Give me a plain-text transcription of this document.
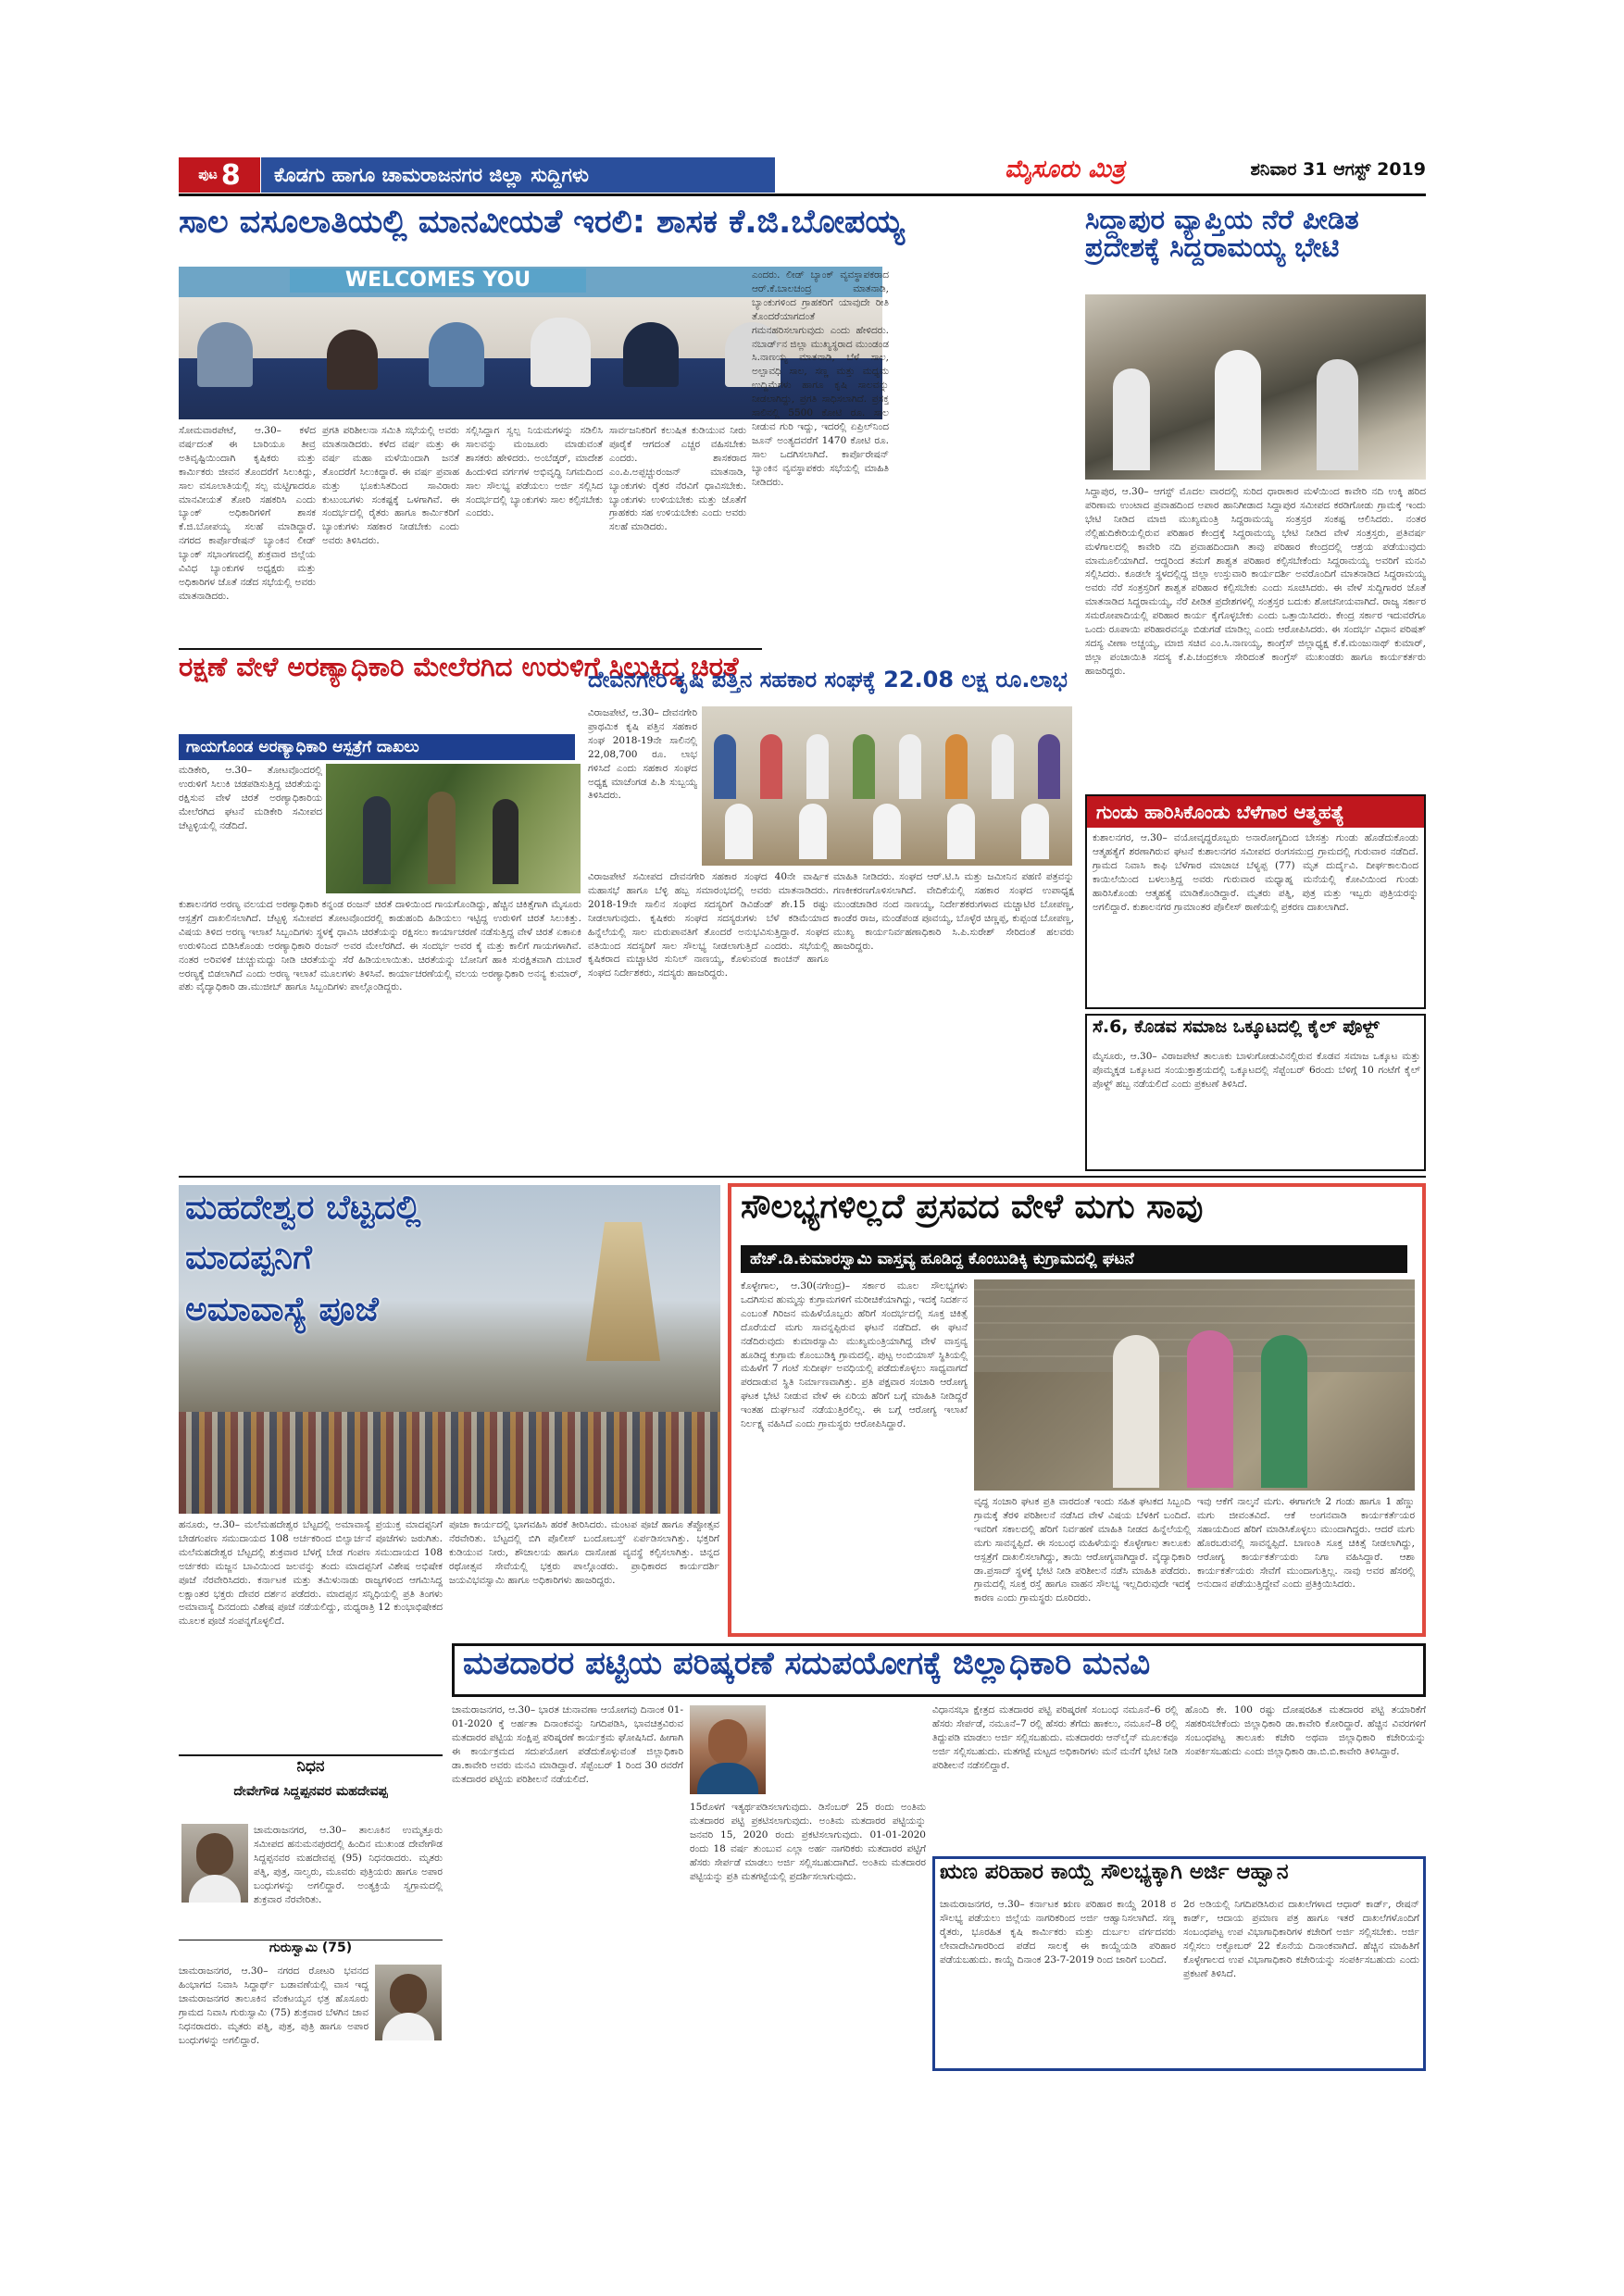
ಪುಟ 8	ಕೊಡಗು ಹಾಗೂ ಚಾಮರಾಜನಗರ ಜಿಲ್ಲಾ ಸುದ್ದಿಗಳು	ಮೈಸೂರು ಮಿತ್ರ	ಶನಿವಾರ 31 ಆಗಸ್ಟ್ 2019
ಸಾಲ ವಸೂಲಾತಿಯಲ್ಲಿ ಮಾನವೀಯತೆ ಇರಲಿ: ಶಾಸಕ ಕೆ.ಜಿ.ಬೋಪಯ್ಯ
WELCOMES YOU
ಸೋಮವಾರಪೇಟೆ, ಆ.30– ಕಳೆದ ವರ್ಷದಂತೆ ಈ ಬಾರಿಯೂ ತೀವ್ರ ಅತಿವೃಷ್ಟಿಯಿಂದಾಗಿ ಕೃಷಿಕರು ಮತ್ತು ಕಾರ್ಮಿಕರು ಜೀವನ ತೊಂದರೆಗೆ ಸಿಲುಕಿದ್ದು, ಸಾಲ ವಸೂಲಾತಿಯಲ್ಲಿ ಸಲ್ಪ ಮಟ್ಟಿಗಾದರೂ ಮಾನವೀಯತೆ ತೋರಿ ಸಹಕರಿಸಿ ಎಂದು ಬ್ಯಾಂಕ್ ಅಧಿಕಾರಿಗಳಿಗೆ ಶಾಸಕ ಕೆ.ಜಿ.ಬೋಪಯ್ಯ ಸಲಹೆ ಮಾಡಿದ್ದಾರೆ. ನಗರದ ಕಾರ್ಪೊರೇಷನ್ ಬ್ಯಾಂಕಿನ ಲೀಡ್ ಬ್ಯಾಂಕ್ ಸಭಾಂಗಣದಲ್ಲಿ ಶುಕ್ರವಾರ ಜಿಲ್ಲೆಯ ವಿವಿಧ ಬ್ಯಾಂಕುಗಳ ಅಧ್ಯಕ್ಷರು ಮತ್ತು ಅಧಿಕಾರಿಗಳ ಜೊತೆ ನಡೆದ ಸಭೆಯಲ್ಲಿ ಅವರು ಮಾತನಾಡಿದರು.
ಪ್ರಗತಿ ಪರಿಶೀಲನಾ ಸಮಿತಿ ಸಭೆಯಲ್ಲಿ ಅವರು ಮಾತನಾಡಿದರು. ಕಳೆದ ವರ್ಷ ಮತ್ತು ಈ ವರ್ಷ ಮಹಾ ಮಳೆಯಿಂದಾಗಿ ಜನತೆ ತೊಂದರೆಗೆ ಸಿಲುಕಿದ್ದಾರೆ. ಈ ವರ್ಷ ಪ್ರವಾಹ ಮತ್ತು ಭೂಕುಸಿತದಿಂದ ಸಾವಿರಾರು ಕುಟುಂಬಗಳು ಸಂಕಷ್ಟಕ್ಕೆ ಒಳಗಾಗಿವೆ. ಈ ಸಂದರ್ಭದಲ್ಲಿ ರೈತರು ಹಾಗೂ ಕಾರ್ಮಿಕರಿಗೆ ಬ್ಯಾಂಕುಗಳು ಸಹಕಾರ ನೀಡಬೇಕು ಎಂದು ಅವರು ತಿಳಿಸಿದರು.
ಸಲ್ಲಿಸಿದ್ದಾಗ ಸ್ವಲ್ಪ ನಿಯಮಗಳನ್ನು ಸಡಿಲಿಸಿ ಸಾಲವನ್ನು ಮಂಜೂರು ಮಾಡುವಂತೆ ಶಾಸಕರು ಹೇಳಿದರು. ಅಂಬೆಡ್ಕರ್, ಮಾದೇಶ ಹಿಂದುಳಿದ ವರ್ಗಗಳ ಅಭಿವೃದ್ಧಿ ನಿಗಮದಿಂದ ಸಾಲ ಸೌಲಭ್ಯ ಪಡೆಯಲು ಅರ್ಜಿ ಸಲ್ಲಿಸಿದ ಸಂದರ್ಭದಲ್ಲಿ ಬ್ಯಾಂಕುಗಳು ಸಾಲ ಕಲ್ಪಿಸಬೇಕು ಎಂದರು.
ಸಾರ್ವಜನಿಕರಿಗೆ ಕಲುಷಿತ ಕುಡಿಯುವ ನೀರು ಪೂರೈಕೆ ಆಗದಂತೆ ಎಚ್ಚರ ವಹಿಸಬೇಕು ಎಂದರು. ಶಾಸಕರಾದ ಎಂ.ಪಿ.ಅಪ್ಪಚ್ಚುರಂಜನ್ ಮಾತನಾಡಿ, ಬ್ಯಾಂಕುಗಳು ರೈತರ ನೆರವಿಗೆ ಧಾವಿಸಬೇಕು. ಬ್ಯಾಂಕುಗಳು ಉಳಿಯಬೇಕು ಮತ್ತು ಜೊತೆಗೆ ಗ್ರಾಹಕರು ಸಹ ಉಳಿಯಬೇಕು ಎಂದು ಅವರು ಸಲಹೆ ಮಾಡಿದರು.
ಎಂದರು. ಲೀಡ್ ಬ್ಯಾಂಕ್ ವ್ಯವಸ್ಥಾಪಕರಾದ ಆರ್.ಕೆ.ಬಾಲಚಂದ್ರ ಮಾತನಾಡಿ, ಬ್ಯಾಂಕುಗಳಿಂದ ಗ್ರಾಹಕರಿಗೆ ಯಾವುದೇ ರೀತಿ ತೊಂದರೆಯಾಗದಂತೆ ಗಮನಹರಿಸಲಾಗುವುದು ಎಂದು ಹೇಳಿದರು. ನಬಾರ್ಡ್‍ನ ಜಿಲ್ಲಾ ಮುಖ್ಯಸ್ಥರಾದ ಮುಂಡಂಡ ಸಿ.ನಾಣಯ್ಯ ಮಾತನಾಡಿ, ಬೆಳೆ ಸಾಲ, ಅಲ್ಪಾವಧಿ ಸಾಲ, ಸಣ್ಣ ಮತ್ತು ಮಧ್ಯಮ ಉದ್ದಿಮೆಗಳು ಹಾಗೂ ಕೃಷಿ ಸಾಲವನ್ನು ನೀಡಲಾಗಿದ್ದು, ಪ್ರಗತಿ ಸಾಧಿಸಲಾಗಿದೆ. ಪ್ರಸಕ್ತ ಸಾಲಿನಲ್ಲಿ 5500 ಕೋಟಿ ರೂ. ಸಾಲ ನೀಡುವ ಗುರಿ ಇದ್ದು, ಇದರಲ್ಲಿ ಏಪ್ರಿಲ್‍ನಿಂದ ಜೂನ್ ಅಂತ್ಯದವರೆಗೆ 1470 ಕೋಟಿ ರೂ. ಸಾಲ ಒದಗಿಸಲಾಗಿದೆ. ಕಾರ್ಪೊರೇಷನ್ ಬ್ಯಾಂಕಿನ ವ್ಯವಸ್ಥಾಪಕರು ಸಭೆಯಲ್ಲಿ ಮಾಹಿತಿ ನೀಡಿದರು.
ಸಿದ್ದಾಪುರ ವ್ಯಾಪ್ತಿಯ ನೆರೆ ಪೀಡಿತ ಪ್ರದೇಶಕ್ಕೆ ಸಿದ್ದರಾಮಯ್ಯ ಭೇಟಿ
ಸಿದ್ದಾಪುರ, ಆ.30– ಆಗಸ್ಟ್ ಮೊದಲ ವಾರದಲ್ಲಿ ಸುರಿದ ಧಾರಾಕಾರ ಮಳೆಯಿಂದ ಕಾವೇರಿ ನದಿ ಉಕ್ಕಿ ಹರಿದ ಪರಿಣಾಮ ಉಂಟಾದ ಪ್ರವಾಹದಿಂದ ಅಪಾರ ಹಾನಿಗೀಡಾದ ಸಿದ್ದಾಪುರ ಸಮೀಪದ ಕರಡಿಗೋಡು ಗ್ರಾಮಕ್ಕೆ ಇಂದು ಭೇಟಿ ನೀಡಿದ ಮಾಜಿ ಮುಖ್ಯಮಂತ್ರಿ ಸಿದ್ದರಾಮಯ್ಯ ಸಂತ್ರಸ್ತರ ಸಂಕಷ್ಟ ಆಲಿಸಿದರು. ನಂತರ ನೆಲ್ಲಿಹುದಿಕೇರಿಯಲ್ಲಿರುವ ಪರಿಹಾರ ಕೇಂದ್ರಕ್ಕೆ ಸಿದ್ದರಾಮಯ್ಯ ಭೇಟಿ ನೀಡಿದ ವೇಳೆ ಸಂತ್ರಸ್ತರು, ಪ್ರತಿವರ್ಷ ಮಳೆಗಾಲದಲ್ಲಿ ಕಾವೇರಿ ನದಿ ಪ್ರವಾಹದಿಂದಾಗಿ ತಾವು ಪರಿಹಾರ ಕೇಂದ್ರದಲ್ಲಿ ಆಶ್ರಯ ಪಡೆಯುವುದು ಮಾಮೂಲಿಯಾಗಿದೆ. ಆದ್ದರಿಂದ ತಮಗೆ ಶಾಶ್ವತ ಪರಿಹಾರ ಕಲ್ಪಿಸಬೇಕೆಂದು ಸಿದ್ದರಾಮಯ್ಯ ಅವರಿಗೆ ಮನವಿ ಸಲ್ಲಿಸಿದರು. ಕೂಡಲೇ ಸ್ಥಳದಲ್ಲಿದ್ದ ಜಿಲ್ಲಾ ಉಸ್ತುವಾರಿ ಕಾರ್ಯದರ್ಶಿ ಅವರೊಂದಿಗೆ ಮಾತನಾಡಿದ ಸಿದ್ದರಾಮಯ್ಯ ಅವರು ನೆರೆ ಸಂತ್ರಸ್ತರಿಗೆ ಶಾಶ್ವತ ಪರಿಹಾರ ಕಲ್ಪಿಸಬೇಕು ಎಂದು ಸೂಚಿಸಿದರು. ಈ ವೇಳೆ ಸುದ್ದಿಗಾರರ ಜೊತೆ ಮಾತನಾಡಿದ ಸಿದ್ದರಾಮಯ್ಯ, ನೆರೆ ಪೀಡಿತ ಪ್ರದೇಶಗಳಲ್ಲಿ ಸಂತ್ರಸ್ತರ ಬದುಕು ಶೋಚನೀಯವಾಗಿದೆ. ರಾಜ್ಯ ಸರ್ಕಾರ ಸಮರೋಪಾದಿಯಲ್ಲಿ ಪರಿಹಾರ ಕಾರ್ಯ ಕೈಗೊಳ್ಳಬೇಕು ಎಂದು ಒತ್ತಾಯಿಸಿದರು. ಕೇಂದ್ರ ಸರ್ಕಾರ ಇದುವರೆಗೂ ಒಂದು ರೂಪಾಯಿ ಪರಿಹಾರವನ್ನೂ ಬಿಡುಗಡೆ ಮಾಡಿಲ್ಲ ಎಂದು ಆರೋಪಿಸಿದರು. ಈ ಸಂದರ್ಭ ವಿಧಾನ ಪರಿಷತ್ ಸದಸ್ಯ ವೀಣಾ ಅಚ್ಚಯ್ಯ, ಮಾಜಿ ಸಚಿವ ಎಂ.ಸಿ.ನಾಣಯ್ಯ, ಕಾಂಗ್ರೆಸ್ ಜಿಲ್ಲಾಧ್ಯಕ್ಷ ಕೆ.ಕೆ.ಮಂಜುನಾಥ್ ಕುಮಾರ್, ಜಿಲ್ಲಾ ಪಂಚಾಯಿತಿ ಸದಸ್ಯ ಕೆ.ಪಿ.ಚಂದ್ರಕಲಾ ಸೇರಿದಂತೆ ಕಾಂಗ್ರೆಸ್ ಮುಖಂಡರು ಹಾಗೂ ಕಾರ್ಯಕರ್ತರು ಹಾಜರಿದ್ದರು.
ರಕ್ಷಣೆ ವೇಳೆ ಅರಣ್ಯಾಧಿಕಾರಿ ಮೇಲೆರಗಿದ ಉರುಳಿಗೆ ಸಿಲುಕಿದ್ದ ಚಿರತೆ
ಗಾಯಗೊಂಡ ಅರಣ್ಯಾಧಿಕಾರಿ ಆಸ್ಪತ್ರೆಗೆ ದಾಖಲು
ಮಡಿಕೇರಿ, ಆ.30– ತೋಟವೊಂದರಲ್ಲಿ ಉರುಳಿಗೆ ಸಿಲುಕಿ ಚಡಪಡಿಸುತ್ತಿದ್ದ ಚಿರತೆಯನ್ನು ರಕ್ಷಿಸುವ ವೇಳೆ ಚಿರತೆ ಅರಣ್ಯಾಧಿಕಾರಿಯ ಮೇಲೆರಗಿದ ಘಟನೆ ಮಡಿಕೇರಿ ಸಮೀಪದ ಚೆಟ್ಟಳ್ಳಿಯಲ್ಲಿ ನಡೆದಿದೆ.
ಕುಶಾಲನಗರ ಅರಣ್ಯ ವಲಯದ ಅರಣ್ಯಾಧಿಕಾರಿ ಕನ್ನಂಡ ರಂಜನ್ ಚಿರತೆ ದಾಳಿಯಿಂದ ಗಾಯಗೊಂಡಿದ್ದು, ಹೆಚ್ಚಿನ ಚಿಕಿತ್ಸೆಗಾಗಿ ಮೈಸೂರು ಆಸ್ಪತ್ರೆಗೆ ದಾಖಲಿಸಲಾಗಿದೆ. ಚೆಟ್ಟಳ್ಳಿ ಸಮೀಪದ ತೋಟವೊಂದರಲ್ಲಿ ಕಾಡುಹಂದಿ ಹಿಡಿಯಲು ಇಟ್ಟಿದ್ದ ಉರುಳಿಗೆ ಚಿರತೆ ಸಿಲುಕಿತ್ತು. ವಿಷಯ ತಿಳಿದ ಅರಣ್ಯ ಇಲಾಖೆ ಸಿಬ್ಬಂದಿಗಳು ಸ್ಥಳಕ್ಕೆ ಧಾವಿಸಿ ಚಿರತೆಯನ್ನು ರಕ್ಷಿಸಲು ಕಾರ್ಯಾಚರಣೆ ನಡೆಸುತ್ತಿದ್ದ ವೇಳೆ ಚಿರತೆ ಏಕಾಏಕಿ ಉರುಳಿನಿಂದ ಬಿಡಿಸಿಕೊಂಡು ಅರಣ್ಯಾಧಿಕಾರಿ ರಂಜನ್ ಅವರ ಮೇಲೆರಗಿದೆ. ಈ ಸಂದರ್ಭ ಅವರ ಕೈ ಮತ್ತು ಕಾಲಿಗೆ ಗಾಯಗಳಾಗಿವೆ. ನಂತರ ಅರಿವಳಿಕೆ ಚುಚ್ಚುಮದ್ದು ನೀಡಿ ಚಿರತೆಯನ್ನು ಸೆರೆ ಹಿಡಿಯಲಾಯಿತು. ಚಿರತೆಯನ್ನು ಬೋನಿಗೆ ಹಾಕಿ ಸುರಕ್ಷಿತವಾಗಿ ದುಬಾರೆ ಅರಣ್ಯಕ್ಕೆ ಬಿಡಲಾಗಿದೆ ಎಂದು ಅರಣ್ಯ ಇಲಾಖೆ ಮೂಲಗಳು ತಿಳಿಸಿವೆ. ಕಾರ್ಯಾಚರಣೆಯಲ್ಲಿ ವಲಯ ಅರಣ್ಯಾಧಿಕಾರಿ ಅನನ್ಯ ಕುಮಾರ್, ಪಶು ವೈದ್ಯಾಧಿಕಾರಿ ಡಾ.ಮುಜೀಬ್ ಹಾಗೂ ಸಿಬ್ಬಂದಿಗಳು ಪಾಲ್ಗೊಂಡಿದ್ದರು.
ದೇವನಗೇರಿ ಕೃಷಿ ಪತ್ತಿನ ಸಹಕಾರ ಸಂಘಕ್ಕೆ 22.08 ಲಕ್ಷ ರೂ.ಲಾಭ
ವಿರಾಜಪೇಟೆ, ಆ.30– ದೇವನಗೇರಿ ಪ್ರಾಥಮಿಕ ಕೃಷಿ ಪತ್ತಿನ ಸಹಕಾರ ಸಂಘ 2018-19ನೇ ಸಾಲಿನಲ್ಲಿ 22,08,700 ರೂ. ಲಾಭ ಗಳಿಸಿದೆ ಎಂದು ಸಹಕಾರ ಸಂಘದ ಅಧ್ಯಕ್ಷ ಮಾಚೆಂಗಡ ಪಿ.ಶಿ ಸುಬ್ಬಯ್ಯ ತಿಳಿಸಿದರು.
ವಿರಾಜಪೇಟೆ ಸಮೀಪದ ದೇವನಗೇರಿ ಸಹಕಾರ ಸಂಘದ 40ನೇ ವಾರ್ಷಿಕ ಮಹಾಸಭೆ ಹಾಗೂ ಬೆಳ್ಳಿ ಹಬ್ಬ ಸಮಾರಂಭದಲ್ಲಿ ಅವರು ಮಾತನಾಡಿದರು. 2018-19ನೇ ಸಾಲಿನ ಸಂಘದ ಸದಸ್ಯರಿಗೆ ಡಿವಿಡೆಂಡ್ ಶೇ.15 ರಷ್ಟು ನೀಡಲಾಗುವುದು. ಕೃಷಿಕರು ಸಂಘದ ಸದಸ್ಯರುಗಳು ಬೆಳೆ ಕಡಿಮೆಯಾದ ಹಿನ್ನೆಲೆಯಲ್ಲಿ ಸಾಲ ಮರುಪಾವತಿಗೆ ತೊಂದರೆ ಅನುಭವಿಸುತ್ತಿದ್ದಾರೆ. ಸಂಘದ ವತಿಯಿಂದ ಸದಸ್ಯರಿಗೆ ಸಾಲ ಸೌಲಭ್ಯ ನೀಡಲಾಗುತ್ತಿದೆ ಎಂದರು. ಸಭೆಯಲ್ಲಿ ಕೃಷಿಕರಾದ ಮಚ್ಚಾಟಿರ ಸುನಿಲ್ ನಾಣಯ್ಯ, ಕೊಳುವಂಡ ಕಾಂಚನ್ ಹಾಗೂ ಸಂಘದ ನಿರ್ದೇಶಕರು, ಸದಸ್ಯರು ಹಾಜರಿದ್ದರು.
ಮಾಹಿತಿ ನೀಡಿದರು. ಸಂಘದ ಆರ್.ಟಿ.ಸಿ ಮತ್ತು ಜಮೀನಿನ ಪಹಣಿ ಪತ್ರವನ್ನು ಗಣಕೀಕರಣಗೊಳಿಸಲಾಗಿದೆ. ವೇದಿಕೆಯಲ್ಲಿ ಸಹಕಾರ ಸಂಘದ ಉಪಾಧ್ಯಕ್ಷ ಮುಂಡಚಾಡಿರ ನಂದ ನಾಣಯ್ಯ, ನಿರ್ದೇಶಕರುಗಳಾದ ಮಚ್ಚಾಟಿರ ಬೋಪಣ್ಣ, ಕಾಂಡೆರ ರಾಜ, ಮಂಡೆಪಂಡ ಪೂವಯ್ಯ, ಬೊಳ್ಳೆರ ಚಿಣ್ಣಪ್ಪ, ಕುಪ್ಪಂಡ ಬೋಪಣ್ಣ, ಮುಖ್ಯ ಕಾರ್ಯನಿರ್ವಹಣಾಧಿಕಾರಿ ಸಿ.ಪಿ.ಸುರೇಶ್ ಸೇರಿದಂತೆ ಹಲವರು ಹಾಜರಿದ್ದರು.
ಗುಂಡು ಹಾರಿಸಿಕೊಂಡು ಬೆಳೆಗಾರ ಆತ್ಮಹತ್ಯೆ
ಕುಶಾಲನಗರ, ಆ.30– ವಯೋವೃದ್ಧರೊಬ್ಬರು ಅನಾರೋಗ್ಯದಿಂದ ಬೇಸತ್ತು ಗುಂಡು ಹೊಡೆದುಕೊಂಡು ಆತ್ಮಹತ್ಯೆಗೆ ಶರಣಾಗಿರುವ ಘಟನೆ ಕುಶಾಲನಗರ ಸಮೀಪದ ರಂಗಸಮುದ್ರ ಗ್ರಾಮದಲ್ಲಿ ಗುರುವಾರ ನಡೆದಿದೆ. ಗ್ರಾಮದ ನಿವಾಸಿ ಕಾಫಿ ಬೆಳೆಗಾರ ಮಾಚಾಚ ಬೆಳ್ಯಪ್ಪ (77) ಮೃತ ದುರ್ದೈವಿ. ದೀರ್ಘಕಾಲದಿಂದ ಕಾಯಿಲೆಯಿಂದ ಬಳಲುತ್ತಿದ್ದ ಅವರು ಗುರುವಾರ ಮಧ್ಯಾಹ್ನ ಮನೆಯಲ್ಲಿ ಕೋವಿಯಿಂದ ಗುಂಡು ಹಾರಿಸಿಕೊಂಡು ಆತ್ಮಹತ್ಯೆ ಮಾಡಿಕೊಂಡಿದ್ದಾರೆ. ಮೃತರು ಪತ್ನಿ, ಪುತ್ರ ಮತ್ತು ಇಬ್ಬರು ಪುತ್ರಿಯರನ್ನು ಅಗಲಿದ್ದಾರೆ. ಕುಶಾಲನಗರ ಗ್ರಾಮಾಂತರ ಪೊಲೀಸ್ ಠಾಣೆಯಲ್ಲಿ ಪ್ರಕರಣ ದಾಖಲಾಗಿದೆ.
ಸೆ.6, ಕೊಡವ ಸಮಾಜ ಒಕ್ಕೂಟದಲ್ಲಿ ಕೈಲ್ ಪೊಳ್ದ್
ಮೈಸೂರು, ಆ.30– ವಿರಾಜಪೇಟೆ ತಾಲೂಕು ಬಾಳುಗೋಡುವಿನಲ್ಲಿರುವ ಕೊಡವ ಸಮಾಜ ಒಕ್ಕೂಟ ಮತ್ತು ಪೊಮ್ಮಕ್ಕಡ ಒಕ್ಕೂಟದ ಸಂಯುಕ್ತಾಶ್ರಯದಲ್ಲಿ ಒಕ್ಕೂಟದಲ್ಲಿ ಸೆಪ್ಟೆಂಬರ್ 6ರಂದು ಬೆಳಿಗ್ಗೆ 10 ಗಂಟೆಗೆ ಕೈಲ್ ಪೊಳ್ದ್ ಹಬ್ಬ ನಡೆಯಲಿದೆ ಎಂದು ಪ್ರಕಟಣೆ ತಿಳಿಸಿದೆ.
ಮಹದೇಶ್ವರ ಬೆಟ್ಟದಲ್ಲಿ
ಮಾದಪ್ಪನಿಗೆ
ಅಮಾವಾಸ್ಯೆ ಪೂಜೆ
ಹನೂರು, ಆ.30– ಮಲೆಮಹದೇಶ್ವರ ಬೆಟ್ಟದಲ್ಲಿ ಅಮಾವಾಸ್ಯೆ ಪ್ರಯುಕ್ತ ಮಾದಪ್ಪನಿಗೆ ಬೇಡಗಂಪಣ ಸಮುದಾಯದ 108 ಅರ್ಚಕರಿಂದ ಬಿಲ್ವಾರ್ಚನೆ ಪೂಜೆಗಳು ಜರುಗಿತು. ಮಲೆಮಹದೇಶ್ವರ ಬೆಟ್ಟದಲ್ಲಿ ಶುಕ್ರವಾರ ಬೆಳಗ್ಗೆ ಬೇಡ ಗಂಪಣ ಸಮುದಾಯದ 108 ಅರ್ಚಕರು ಮಜ್ಜನ ಬಾವಿಯಿಂದ ಜಲವನ್ನು ತಂದು ಮಾದಪ್ಪನಿಗೆ ವಿಶೇಷ ಅಭಿಷೇಕ ಪೂಜೆ ನೆರವೇರಿಸಿದರು. ಕರ್ನಾಟಕ ಮತ್ತು ತಮಿಳುನಾಡು ರಾಜ್ಯಗಳಿಂದ ಆಗಮಿಸಿದ್ದ ಲಕ್ಷಾಂತರ ಭಕ್ತರು ದೇವರ ದರ್ಶನ ಪಡೆದರು. ಮಾದಪ್ಪನ ಸನ್ನಿಧಿಯಲ್ಲಿ ಪ್ರತಿ ತಿಂಗಳು ಅಮಾವಾಸ್ಯೆ ದಿನದಂದು ವಿಶೇಷ ಪೂಜೆ ನಡೆಯಲಿದ್ದು, ಮಧ್ಯರಾತ್ರಿ 12 ಕುಂಭಾಭಿಷೇಕದ ಮೂಲಕ ಪೂಜೆ ಸಂಪನ್ನಗೊಳ್ಳಲಿದೆ.
ಪೂಜಾ ಕಾರ್ಯದಲ್ಲಿ ಭಾಗವಹಿಸಿ ಹರಕೆ ತೀರಿಸಿದರು. ಮಂಟಪ ಪೂಜೆ ಹಾಗೂ ತೆಪ್ಪೋತ್ಸವ ನೆರವೇರಿತು. ಬೆಟ್ಟದಲ್ಲಿ ಬಿಗಿ ಪೊಲೀಸ್ ಬಂದೋಬಸ್ತ್ ಏರ್ಪಡಿಸಲಾಗಿತ್ತು. ಭಕ್ತರಿಗೆ ಕುಡಿಯುವ ನೀರು, ಶೌಚಾಲಯ ಹಾಗೂ ದಾಸೋಹ ವ್ಯವಸ್ಥೆ ಕಲ್ಪಿಸಲಾಗಿತ್ತು. ಚಿನ್ನದ ರಥೋತ್ಸವ ಸೇವೆಯಲ್ಲಿ ಭಕ್ತರು ಪಾಲ್ಗೊಂಡರು. ಪ್ರಾಧಿಕಾರದ ಕಾರ್ಯದರ್ಶಿ ಜಯವಿಭವಸ್ವಾಮಿ ಹಾಗೂ ಅಧಿಕಾರಿಗಳು ಹಾಜರಿದ್ದರು.
ಸೌಲಭ್ಯಗಳಿಲ್ಲದೆ ಪ್ರಸವದ ವೇಳೆ ಮಗು ಸಾವು
ಹೆಚ್.ಡಿ.ಕುಮಾರಸ್ವಾಮಿ ವಾಸ್ತವ್ಯ ಹೂಡಿದ್ದ ಕೊಂಬುಡಿಕ್ಕಿ ಕುಗ್ರಾಮದಲ್ಲಿ ಘಟನೆ
ಕೊಳ್ಳೇಗಾಲ, ಆ.30(ನಗೇಂದ್ರ)– ಸರ್ಕಾರ ಮೂಲ ಸೌಲಭ್ಯಗಳು ಒದಗಿಸುವ ಹುಮ್ಮಸ್ಸು ಕುಗ್ರಾಮಗಳಿಗೆ ಮರೀಚಿಕೆಯಾಗಿದ್ದು, ಇದಕ್ಕೆ ನಿದರ್ಶನ ಎಂಬಂತೆ ಗಿರಿಜನ ಮಹಿಳೆಯೊಬ್ಬರು ಹೆರಿಗೆ ಸಂದರ್ಭದಲ್ಲಿ ಸೂಕ್ತ ಚಿಕಿತ್ಸೆ ದೊರೆಯದೆ ಮಗು ಸಾವನ್ನಪ್ಪಿರುವ ಘಟನೆ ನಡೆದಿದೆ. ಈ ಘಟನೆ ನಡೆದಿರುವುದು ಕುಮಾರಸ್ವಾಮಿ ಮುಖ್ಯಮಂತ್ರಿಯಾಗಿದ್ದ ವೇಳೆ ವಾಸ್ತವ್ಯ ಹೂಡಿದ್ದ ಕುಗ್ರಾಮ ಕೊಂಬುಡಿಕ್ಕಿ ಗ್ರಾಮದಲ್ಲಿ. ಪುಟ್ಟ ಅಂಬಿಯಾಸ್ ಸ್ಥಿತಿಯಲ್ಲಿ ಮಹಿಳೆಗೆ 7 ಗಂಟೆ ಸುದೀರ್ಘ ಅವಧಿಯಲ್ಲಿ ಪಡೆದುಕೊಳ್ಳಲು ಸಾಧ್ಯವಾಗದೆ ಪರದಾಡುವ ಸ್ಥಿತಿ ನಿರ್ಮಾಣವಾಗಿತ್ತು. ಪ್ರತಿ ಪಕ್ಷವಾರ ಸಂಚಾರಿ ಆರೋಗ್ಯ ಘಟಕ ಭೇಟಿ ನೀಡುವ ವೇಳೆ ಈ ಏರಿಯ ಹೆರಿಗೆ ಬಗ್ಗೆ ಮಾಹಿತಿ ನೀಡಿದ್ದರೆ ಇಂತಹ ದುರ್ಘಟನೆ ನಡೆಯುತ್ತಿರಲಿಲ್ಲ. ಈ ಬಗ್ಗೆ ಆರೋಗ್ಯ ಇಲಾಖೆ ನಿರ್ಲಕ್ಷ್ಯ ವಹಿಸಿದೆ ಎಂದು ಗ್ರಾಮಸ್ಥರು ಆರೋಪಿಸಿದ್ದಾರೆ.
ವೃದ್ಧ ಸಂಚಾರಿ ಘಟಕ ಪ್ರತಿ ವಾರದಂತೆ ಇಂದು ಸಹಿತ ಘಟಕದ ಸಿಬ್ಬಂದಿ ಗ್ರಾಮಕ್ಕೆ ತೆರಳಿ ಪರಿಶೀಲನೆ ನಡೆಸಿದ ವೇಳೆ ವಿಷಯ ಬೆಳಕಿಗೆ ಬಂದಿದೆ. ಇವರಿಗೆ ಸಕಾಲದಲ್ಲಿ ಹೆರಿಗೆ ನಿರ್ವಹಣೆ ಮಾಹಿತಿ ನೀಡದ ಹಿನ್ನೆಲೆಯಲ್ಲಿ ಮಗು ಸಾವನ್ನಪ್ಪಿದೆ. ಈ ಸಂಬಂಧ ಮಹಿಳೆಯನ್ನು ಕೊಳ್ಳೇಗಾಲ ತಾಲೂಕು ಆಸ್ಪತ್ರೆಗೆ ದಾಖಲಿಸಲಾಗಿದ್ದು, ತಾಯಿ ಆರೋಗ್ಯವಾಗಿದ್ದಾರೆ. ವೈದ್ಯಾಧಿಕಾರಿ ಡಾ.ಪ್ರಸಾದ್ ಸ್ಥಳಕ್ಕೆ ಭೇಟಿ ನೀಡಿ ಪರಿಶೀಲನೆ ನಡೆಸಿ ಮಾಹಿತಿ ಪಡೆದರು. ಗ್ರಾಮದಲ್ಲಿ ಸೂಕ್ತ ರಸ್ತೆ ಹಾಗೂ ವಾಹನ ಸೌಲಭ್ಯ ಇಲ್ಲದಿರುವುದೇ ಇದಕ್ಕೆ ಕಾರಣ ಎಂದು ಗ್ರಾಮಸ್ಥರು ದೂರಿದರು.
ಇವು ಆಕೆಗೆ ನಾಲ್ಕನೆ ಮಗು. ಈಗಾಗಲೇ 2 ಗಂಡು ಹಾಗೂ 1 ಹೆಣ್ಣು ಮಗು ಜೀವಂತವಿದೆ. ಆಕೆ ಅಂಗನವಾಡಿ ಕಾರ್ಯಕರ್ತೆಯರ ಸಹಾಯದಿಂದ ಹೆರಿಗೆ ಮಾಡಿಸಿಕೊಳ್ಳಲು ಮುಂದಾಗಿದ್ದರು. ಆದರೆ ಮಗು ಹೊರಬರುವಲ್ಲಿ ಸಾವನ್ನಪ್ಪಿದೆ. ಬಾಣಂತಿ ಸೂಕ್ತ ಚಿಕಿತ್ಸೆ ನೀಡಲಾಗಿದ್ದು, ಆರೋಗ್ಯ ಕಾರ್ಯಕರ್ತೆಯರು ನಿಗಾ ವಹಿಸಿದ್ದಾರೆ. ಆಶಾ ಕಾರ್ಯಕರ್ತೆಯರು ಸೇವೆಗೆ ಮುಂದಾಗುತ್ತಿಲ್ಲ. ನಾವು ಅವರ ಹೆಸರಲ್ಲಿ ಅನುದಾನ ಪಡೆಯುತ್ತಿದ್ದೇವೆ ಎಂದು ಪ್ರತಿಕ್ರಿಯಿಸಿದರು.
ಮತದಾರರ ಪಟ್ಟಿಯ ಪರಿಷ್ಕರಣೆ ಸದುಪಯೋಗಕ್ಕೆ ಜಿಲ್ಲಾಧಿಕಾರಿ ಮನವಿ
ಚಾಮರಾಜನಗರ, ಆ.30– ಭಾರತ ಚುನಾವಣಾ ಆಯೋಗವು ದಿನಾಂಕ 01-01-2020 ಕ್ಕೆ ಅರ್ಹತಾ ದಿನಾಂಕವನ್ನು ನಿಗದಿಪಡಿಸಿ, ಭಾವಚಿತ್ರವಿರುವ ಮತದಾರರ ಪಟ್ಟಿಯ ಸಂಕ್ಷಿಪ್ತ ಪರಿಷ್ಕರಣೆ ಕಾರ್ಯಕ್ರಮ ಘೋಷಿಸಿದೆ. ಹೀಗಾಗಿ ಈ ಕಾರ್ಯಕ್ರಮದ ಸದುಪಯೋಗ ಪಡೆದುಕೊಳ್ಳುವಂತೆ ಜಿಲ್ಲಾಧಿಕಾರಿ ಡಾ.ಕಾವೇರಿ ಅವರು ಮನವಿ ಮಾಡಿದ್ದಾರೆ. ಸೆಪ್ಟೆಂಬರ್ 1 ರಿಂದ 30 ರವರೆಗೆ ಮತದಾರರ ಪಟ್ಟಿಯ ಪರಿಶೀಲನೆ ನಡೆಯಲಿದೆ.
15ರೊಳಗೆ ಇತ್ಯರ್ಥಪಡಿಸಲಾಗುವುದು. ಡಿಸೆಂಬರ್ 25 ರಂದು ಅಂತಿಮ ಮತದಾರರ ಪಟ್ಟಿ ಪ್ರಕಟಿಸಲಾಗುವುದು. ಅಂತಿಮ ಮತದಾರರ ಪಟ್ಟಿಯನ್ನು ಜನವರಿ 15, 2020 ರಂದು ಪ್ರಕಟಿಸಲಾಗುವುದು. 01-01-2020 ರಂದು 18 ವರ್ಷ ತುಂಬುವ ಎಲ್ಲಾ ಅರ್ಹ ನಾಗರಿಕರು ಮತದಾರರ ಪಟ್ಟಿಗೆ ಹೆಸರು ಸೇರ್ಪಡೆ ಮಾಡಲು ಅರ್ಜಿ ಸಲ್ಲಿಸಬಹುದಾಗಿದೆ. ಅಂತಿಮ ಮತದಾರರ ಪಟ್ಟಿಯನ್ನು ಪ್ರತಿ ಮತಗಟ್ಟೆಯಲ್ಲಿ ಪ್ರದರ್ಶಿಸಲಾಗುವುದು.
ವಿಧಾನಸಭಾ ಕ್ಷೇತ್ರದ ಮತದಾರರ ಪಟ್ಟಿ ಪರಿಷ್ಕರಣೆ ಸಂಬಂಧ ನಮೂನೆ–6 ರಲ್ಲಿ ಹೆಸರು ಸೇರ್ಪಡೆ, ನಮೂನೆ–7 ರಲ್ಲಿ ಹೆಸರು ತೆಗೆದು ಹಾಕಲು, ನಮೂನೆ–8 ರಲ್ಲಿ ತಿದ್ದುಪಡಿ ಮಾಡಲು ಅರ್ಜಿ ಸಲ್ಲಿಸಬಹುದು. ಮತದಾರರು ಆನ್‍ಲೈನ್ ಮೂಲಕವೂ ಅರ್ಜಿ ಸಲ್ಲಿಸಬಹುದು. ಮತಗಟ್ಟೆ ಮಟ್ಟದ ಅಧಿಕಾರಿಗಳು ಮನೆ ಮನೆಗೆ ಭೇಟಿ ನೀಡಿ ಪರಿಶೀಲನೆ ನಡೆಸಲಿದ್ದಾರೆ.
ಹೊಂದಿ ಕೇ. 100 ರಷ್ಟು ದೋಷರಹಿತ ಮತದಾರರ ಪಟ್ಟಿ ತಯಾರಿಕೆಗೆ ಸಹಕರಿಸಬೇಕೆಂದು ಜಿಲ್ಲಾಧಿಕಾರಿ ಡಾ.ಕಾವೇರಿ ಕೋರಿದ್ದಾರೆ. ಹೆಚ್ಚಿನ ವಿವರಗಳಿಗೆ ಸಂಬಂಧಪಟ್ಟ ತಾಲೂಕು ಕಚೇರಿ ಅಥವಾ ಜಿಲ್ಲಾಧಿಕಾರಿ ಕಚೇರಿಯನ್ನು ಸಂಪರ್ಕಿಸಬಹುದು ಎಂದು ಜಿಲ್ಲಾಧಿಕಾರಿ ಡಾ.ಬಿ.ಬಿ.ಕಾವೇರಿ ತಿಳಿಸಿದ್ದಾರೆ.
ನಿಧನ
ದೇವೇಗೌಡ ಸಿದ್ದಪ್ಪನವರ ಮಹದೇವಪ್ಪ
ಚಾಮರಾಜನಗರ, ಆ.30– ತಾಲೂಕಿನ ಉಮ್ಮತ್ತೂರು ಸಮೀಪದ ಹನುಮನಪುರದಲ್ಲಿ ಹಿಂದಿನ ಮುಖಂಡ ದೇವೇಗೌಡ ಸಿದ್ದಪ್ಪನವರ ಮಹದೇವಪ್ಪ (95) ನಿಧನರಾದರು. ಮೃತರು ಪತ್ನಿ, ಪುತ್ರ, ನಾಲ್ವರು, ಮೂವರು ಪುತ್ರಿಯರು ಹಾಗೂ ಅಪಾರ ಬಂಧುಗಳನ್ನು ಅಗಲಿದ್ದಾರೆ. ಅಂತ್ಯಕ್ರಿಯೆ ಸ್ವಗ್ರಾಮದಲ್ಲಿ ಶುಕ್ರವಾರ ನೆರವೇರಿತು.
ಗುರುಸ್ವಾಮಿ (75)
ಚಾಮರಾಜನಗರ, ಆ.30– ನಗರದ ರೋಟರಿ ಭವನದ ಹಿಂಭಾಗದ ನಿವಾಸಿ ಸಿದ್ದಾರ್ಥ್ ಬಡಾವಣೆಯಲ್ಲಿ ವಾಸ ಇದ್ದ ಚಾಮರಾಜನಗರ ತಾಲೂಕಿನ ವೆಂಕಟಯ್ಯನ ಛತ್ರ ಹೊಸೂರು ಗ್ರಾಮದ ನಿವಾಸಿ ಗುರುಸ್ವಾಮಿ (75) ಶುಕ್ರವಾರ ಬೆಳಗಿನ ಜಾವ ನಿಧನರಾದರು. ಮೃತರು ಪತ್ನಿ, ಪುತ್ರ, ಪುತ್ರಿ ಹಾಗೂ ಅಪಾರ ಬಂಧುಗಳನ್ನು ಅಗಲಿದ್ದಾರೆ.
ಋಣ ಪರಿಹಾರ ಕಾಯ್ದೆ ಸೌಲಭ್ಯಕ್ಕಾಗಿ ಅರ್ಜಿ ಆಹ್ವಾನ
ಚಾಮರಾಜನಗರ, ಆ.30– ಕರ್ನಾಟಕ ಋಣ ಪರಿಹಾರ ಕಾಯ್ದೆ 2018 ರ ಸೌಲಭ್ಯ ಪಡೆಯಲು ಜಿಲ್ಲೆಯ ನಾಗರಿಕರಿಂದ ಅರ್ಜಿ ಆಹ್ವಾನಿಸಲಾಗಿದೆ. ಸಣ್ಣ ರೈತರು, ಭೂರಹಿತ ಕೃಷಿ ಕಾರ್ಮಿಕರು ಮತ್ತು ದುರ್ಬಲ ವರ್ಗದವರು ಲೇವಾದೇವಿಗಾರರಿಂದ ಪಡೆದ ಸಾಲಕ್ಕೆ ಈ ಕಾಯ್ದೆಯಡಿ ಪರಿಹಾರ ಪಡೆಯಬಹುದು. ಕಾಯ್ದೆ ದಿನಾಂಕ 23-7-2019 ರಿಂದ ಜಾರಿಗೆ ಬಂದಿದೆ.
2ರ ಅಡಿಯಲ್ಲಿ ನಿಗದಿಪಡಿಸಿರುವ ದಾಖಲೆಗಳಾದ ಆಧಾರ್ ಕಾರ್ಡ್, ರೇಷನ್ ಕಾರ್ಡ್, ಆದಾಯ ಪ್ರಮಾಣ ಪತ್ರ ಹಾಗೂ ಇತರೆ ದಾಖಲೆಗಳೊಂದಿಗೆ ಸಂಬಂಧಪಟ್ಟ ಉಪ ವಿಭಾಗಾಧಿಕಾರಿಗಳ ಕಚೇರಿಗೆ ಅರ್ಜಿ ಸಲ್ಲಿಸಬೇಕು. ಅರ್ಜಿ ಸಲ್ಲಿಸಲು ಅಕ್ಟೋಬರ್ 22 ಕೊನೆಯ ದಿನಾಂಕವಾಗಿದೆ. ಹೆಚ್ಚಿನ ಮಾಹಿತಿಗೆ ಕೊಳ್ಳೇಗಾಲದ ಉಪ ವಿಭಾಗಾಧಿಕಾರಿ ಕಚೇರಿಯನ್ನು ಸಂಪರ್ಕಿಸಬಹುದು ಎಂದು ಪ್ರಕಟಣೆ ತಿಳಿಸಿದೆ.
